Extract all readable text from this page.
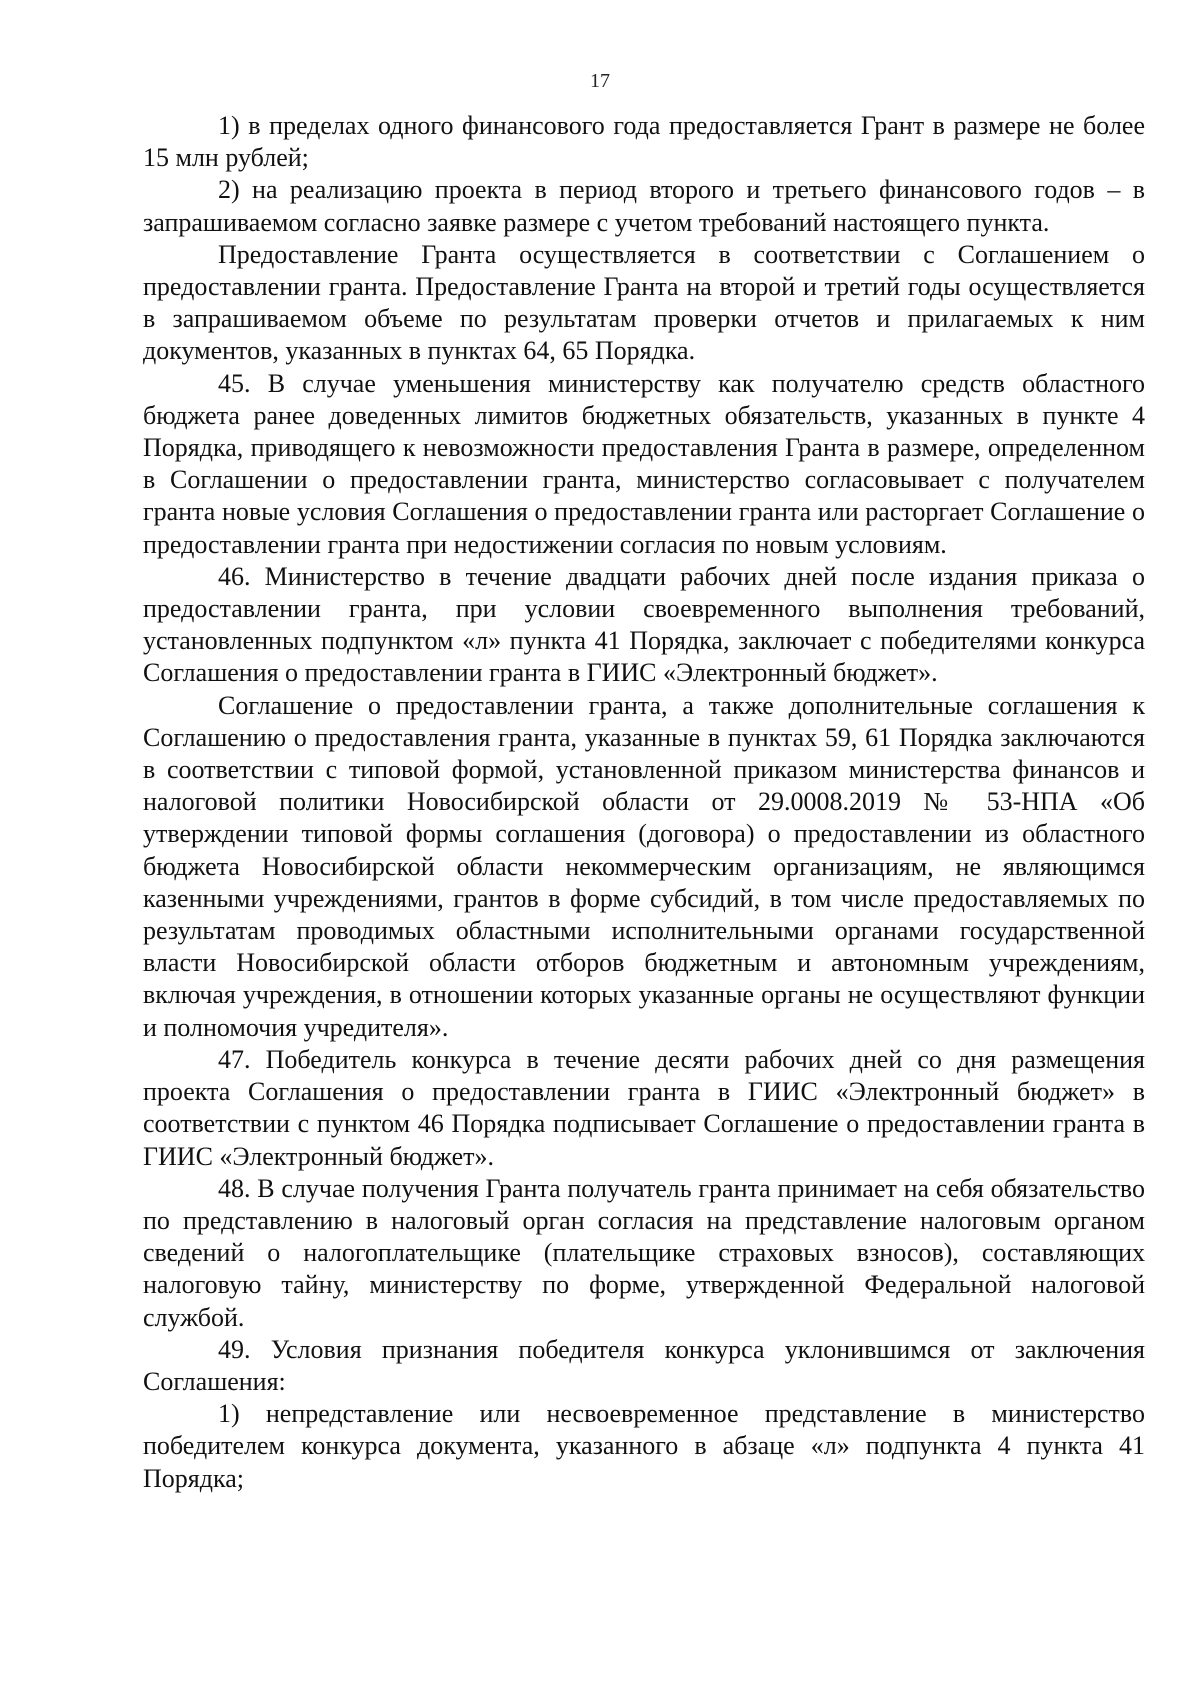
17

1) в пределах одного финансового года предоставляется Грант в размере не более 15 млн рублей;

2) на реализацию проекта в период второго и третьего финансового годов – в запрашиваемом согласно заявке размере с учетом требований настоящего пункта.

Предоставление Гранта осуществляется в соответствии с Соглашением о предоставлении гранта. Предоставление Гранта на второй и третий годы осуществляется в запрашиваемом объеме по результатам проверки отчетов и прилагаемых к ним документов, указанных в пунктах 64, 65 Порядка.

45. В случае уменьшения министерству как получателю средств областного бюджета ранее доведенных лимитов бюджетных обязательств, указанных в пункте 4 Порядка, приводящего к невозможности предоставления Гранта в размере, определенном в Соглашении о предоставлении гранта, министерство согласовывает с получателем гранта новые условия Соглашения о предоставлении гранта или расторгает Соглашение о предоставлении гранта при недостижении согласия по новым условиям.

46. Министерство в течение двадцати рабочих дней после издания приказа о предоставлении гранта, при условии своевременного выполнения требований, установленных подпунктом «л» пункта 41 Порядка, заключает с победителями конкурса Соглашения о предоставлении гранта в ГИИС «Электронный бюджет».

Соглашение о предоставлении гранта, а также дополнительные соглашения к Соглашению о предоставления гранта, указанные в пунктах 59, 61 Порядка заключаются в соответствии с типовой формой, установленной приказом министерства финансов и налоговой политики Новосибирской области от 29.0008.2019 № 53-НПА «Об утверждении типовой формы соглашения (договора) о предоставлении из областного бюджета Новосибирской области некоммерческим организациям, не являющимся казенными учреждениями, грантов в форме субсидий, в том числе предоставляемых по результатам проводимых областными исполнительными органами государственной власти Новосибирской области отборов бюджетным и автономным учреждениям, включая учреждения, в отношении которых указанные органы не осуществляют функции и полномочия учредителя».

47. Победитель конкурса в течение десяти рабочих дней со дня размещения проекта Соглашения о предоставлении гранта в ГИИС «Электронный бюджет» в соответствии с пунктом 46 Порядка подписывает Соглашение о предоставлении гранта в ГИИС «Электронный бюджет».

48. В случае получения Гранта получатель гранта принимает на себя обязательство по представлению в налоговый орган согласия на представление налоговым органом сведений о налогоплательщике (плательщике страховых взносов), составляющих налоговую тайну, министерству по форме, утвержденной Федеральной налоговой службой.

49. Условия признания победителя конкурса уклонившимся от заключения Соглашения:

1) непредставление или несвоевременное представление в министерство победителем конкурса документа, указанного в абзаце «л» подпункта 4 пункта 41 Порядка;
